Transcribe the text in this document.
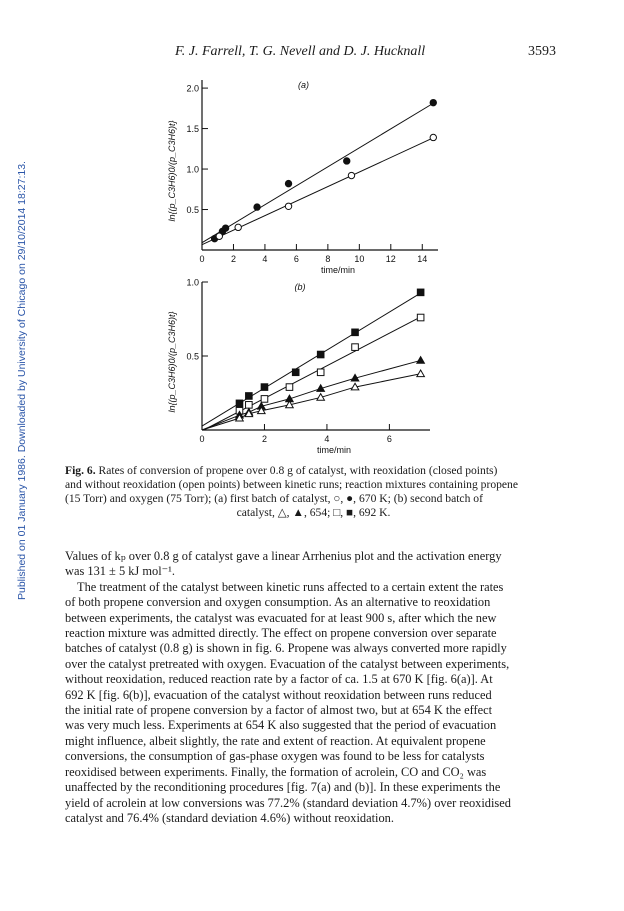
F. J. Farrell, T. G. Nevell and D. J. Hucknall	3593
Published on 01 January 1986. Downloaded by University of Chicago on 29/10/2014 18:27:13.	0	2	4	6	8	10 12 14
0.5
1.0
1.5
2.0	(a)
time/min
ln{(p_C3H6)0/(p_C3H6)t}
0	2	4	6
0.5
1.0	(b)
time/min
ln{(p_C3H6)0/(p_C3H6)t}
Fig. 6. Rates of conversion of propene over 0.8 g of catalyst, with reoxidation (closed points)
and without reoxidation (open points) between kinetic runs; reaction mixtures containing propene
(15 Torr) and oxygen (75 Torr); (a) first batch of catalyst, ○, ●, 670 K; (b) second batch of
catalyst, △, ▲, 654; □, ■, 692 K.
Values of kₚ over 0.8 g of catalyst gave a linear Arrhenius plot and the activation energy
was 131 ± 5 kJ mol⁻¹.
The treatment of the catalyst between kinetic runs affected to a certain extent the rates
of both propene conversion and oxygen consumption. As an alternative to reoxidation
between experiments, the catalyst was evacuated for at least 900 s, after which the new
reaction mixture was admitted directly. The effect on propene conversion over separate
batches of catalyst (0.8 g) is shown in fig. 6. Propene was always converted more rapidly
over the catalyst pretreated with oxygen. Evacuation of the catalyst between experiments,
without reoxidation, reduced reaction rate by a factor of ca. 1.5 at 670 K [fig. 6(a)]. At
692 K [fig. 6(b)], evacuation of the catalyst without reoxidation between runs reduced
the initial rate of propene conversion by a factor of almost two, but at 654 K the effect
was very much less. Experiments at 654 K also suggested that the period of evacuation
might influence, albeit slightly, the rate and extent of reaction. At equivalent propene
conversions, the consumption of gas-phase oxygen was found to be less for catalysts
reoxidised between experiments. Finally, the formation of acrolein, CO and CO₂ was
unaffected by the reconditioning procedures [fig. 7(a) and (b)]. In these experiments the
yield of acrolein at low conversions was 77.2% (standard deviation 4.7%) over reoxidised
catalyst and 76.4% (standard deviation 4.6%) without reoxidation.
